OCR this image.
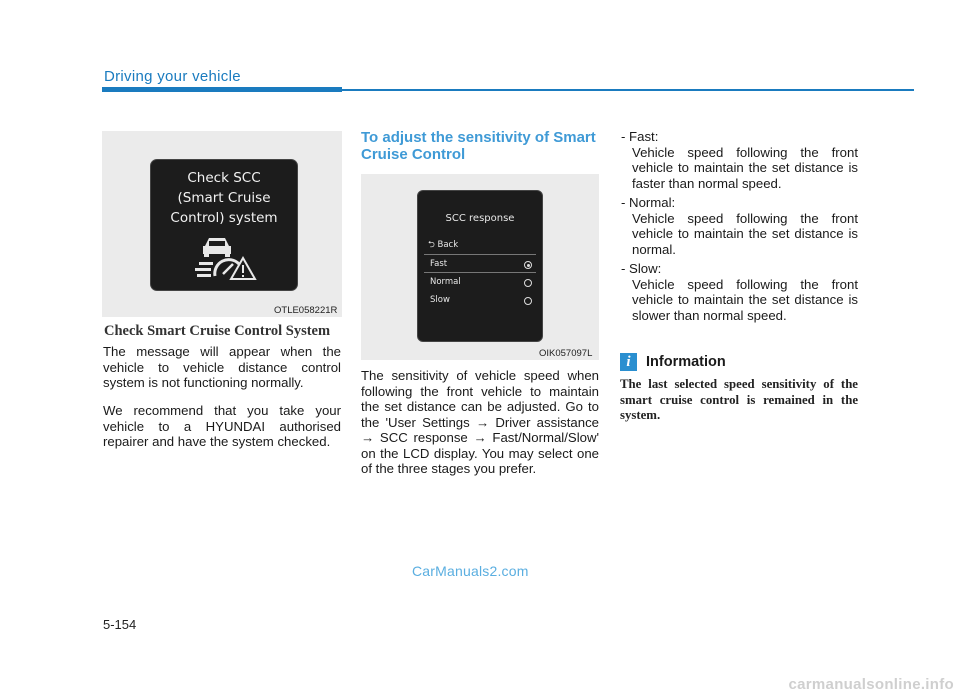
Driving your vehicle
Check SCC
(Smart Cruise
Control) system
OTLE058221R
Check Smart Cruise Control System
The message will appear when the vehicle to vehicle distance control system is not functioning normally.
We recommend that you take your vehicle to a HYUNDAI authorised repairer and have the system checked.
To adjust the sensitivity of Smart Cruise Control
SCC response
⮌ Back
Fast
Normal
Slow
OIK057097L
The sensitivity of vehicle speed when following the front vehicle to maintain the set distance can be adjusted. Go to the 'User Settings → Driver assistance → SCC response → Fast/Normal/Slow' on the LCD display. You may select one of the three stages you prefer.
- Fast:
Vehicle speed following the front vehicle to maintain the set distance is faster than normal speed.
- Normal:
Vehicle speed following the front vehicle to maintain the set distance is normal.
- Slow:
Vehicle speed following the front vehicle to maintain the set distance is slower than normal speed.
i	Information
The last selected speed sensitivity of the smart cruise control is remained in the system.
CarManuals2.com
5-154
carmanualsonline.info
